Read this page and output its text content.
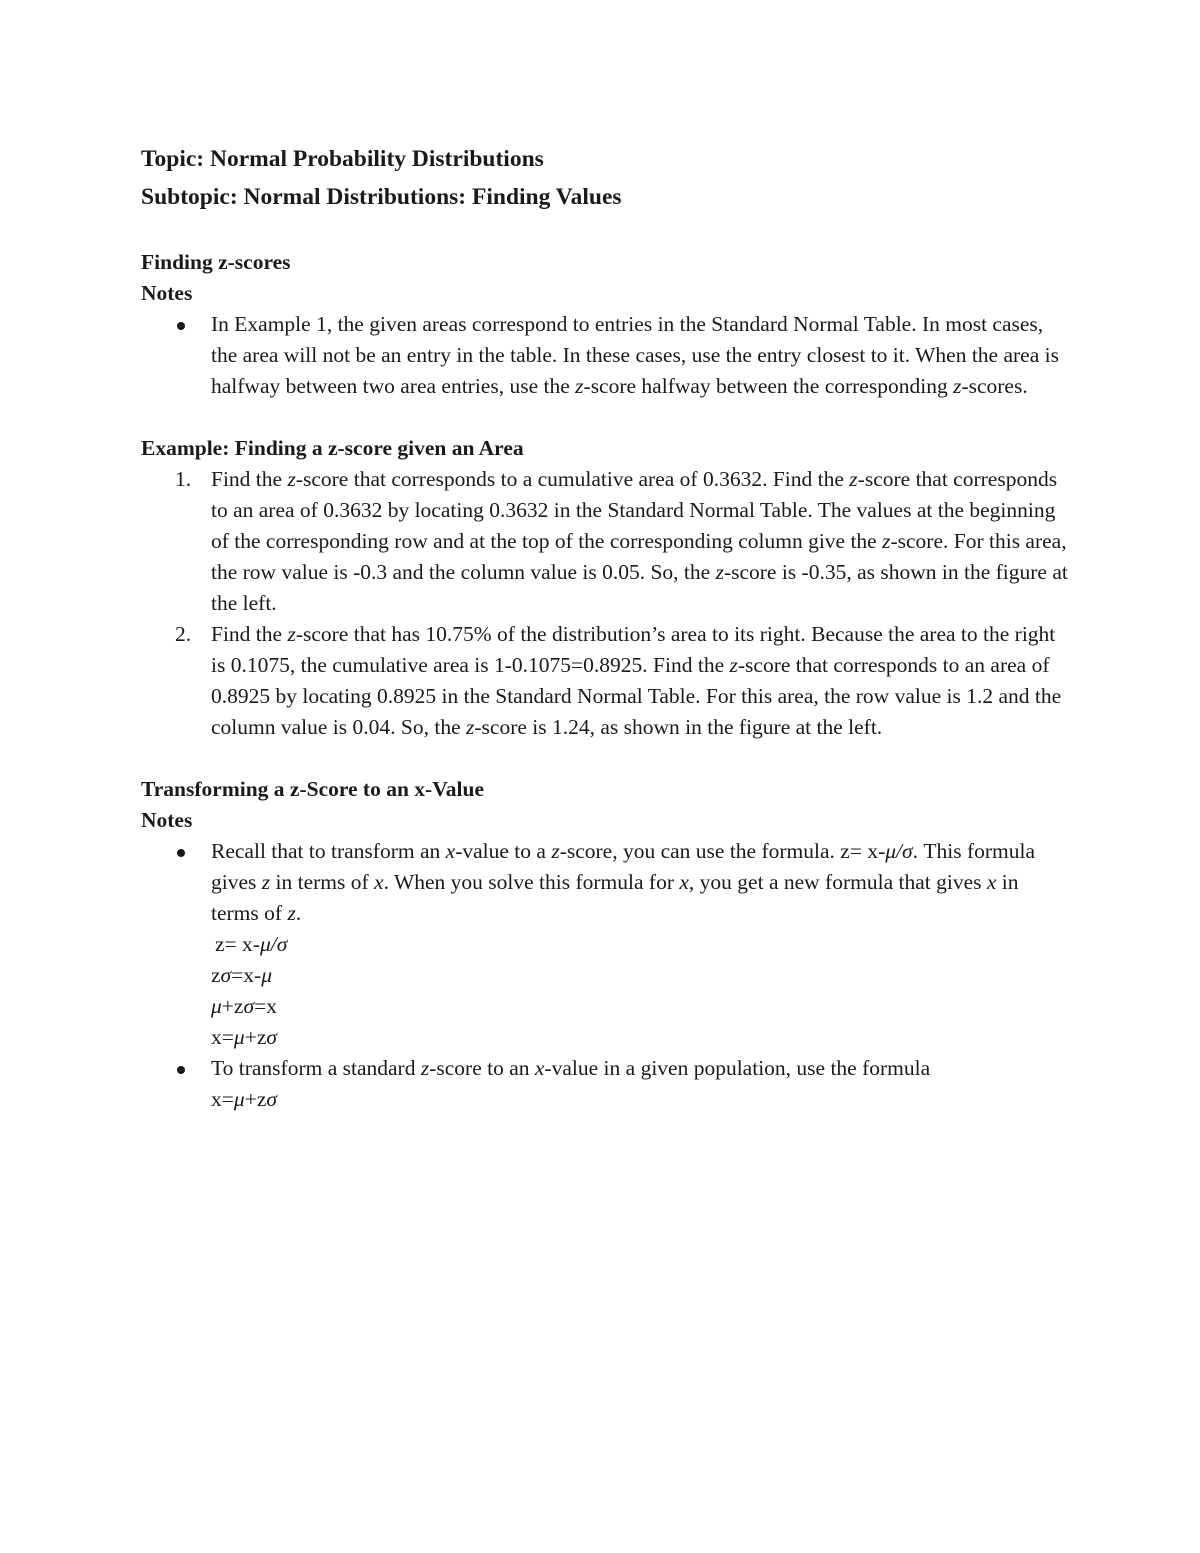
Topic: Normal Probability Distributions

Subtopic: Normal Distributions: Finding Values

Finding z-scores

Notes

In Example 1, the given areas correspond to entries in the Standard Normal Table. In most cases, the area will not be an entry in the table. In these cases, use the entry closest to it. When the area is halfway between two area entries, use the z-score halfway between the corresponding z-scores.

Example: Finding a z-score given an Area

1. Find the z-score that corresponds to a cumulative area of 0.3632. Find the z-score that corresponds to an area of 0.3632 by locating 0.3632 in the Standard Normal Table. The values at the beginning of the corresponding row and at the top of the corresponding column give the z-score. For this area, the row value is -0.3 and the column value is 0.05. So, the z-score is -0.35, as shown in the figure at the left.
2. Find the z-score that has 10.75% of the distribution’s area to its right. Because the area to the right is 0.1075, the cumulative area is 1-0.1075=0.8925. Find the z-score that corresponds to an area of 0.8925 by locating 0.8925 in the Standard Normal Table. For this area, the row value is 1.2 and the column value is 0.04. So, the z-score is 1.24, as shown in the figure at the left.

Transforming a z-Score to an x-Value

Notes

Recall that to transform an x-value to a z-score, you can use the formula. z= x-μ/σ. This formula gives z in terms of x. When you solve this formula for x, you get a new formula that gives x in terms of z.
z= x-μ/σ
zσ=x-μ
μ+zσ=x
x=μ+zσ
To transform a standard z-score to an x-value in a given population, use the formula
x=μ+zσ
